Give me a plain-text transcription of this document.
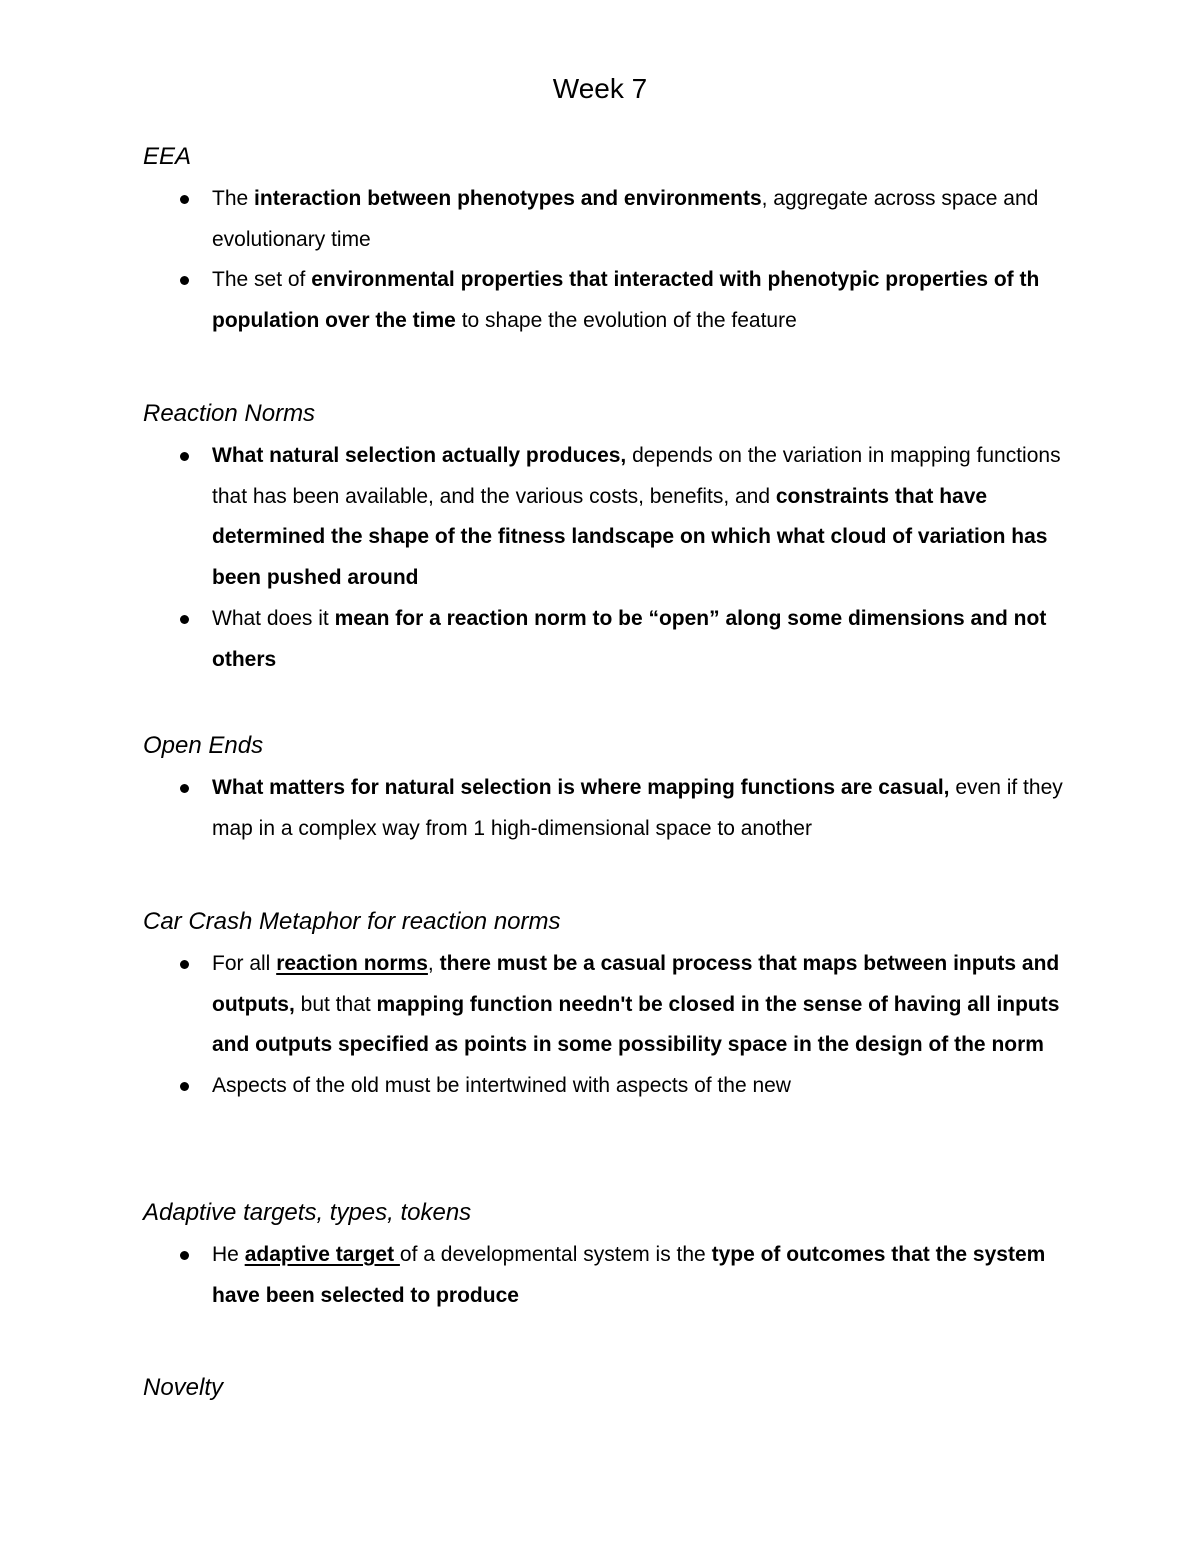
Week 7
EEA
The interaction between phenotypes and environments, aggregate across space and evolutionary time
The set of environmental properties that interacted with phenotypic properties of th population over the time to shape the evolution of the feature
Reaction Norms
What natural selection actually produces, depends on the variation in mapping functions that has been available, and the various costs, benefits, and constraints that have determined the shape of the fitness landscape on which what cloud of variation has been pushed around
What does it mean for a reaction norm to be “open” along some dimensions and not others
Open Ends
What matters for natural selection is where mapping functions are casual, even if they map in a complex way from 1 high-dimensional space to another
Car Crash Metaphor for reaction norms
For all reaction norms, there must be a casual process that maps between inputs and outputs, but that mapping function needn't be closed in the sense of having all inputs and outputs specified as points in some possibility space in the design of the norm
Aspects of the old must be intertwined with aspects of the new
Adaptive targets, types, tokens
He adaptive target of a developmental system is the type of outcomes that the system have been selected to produce
Novelty
